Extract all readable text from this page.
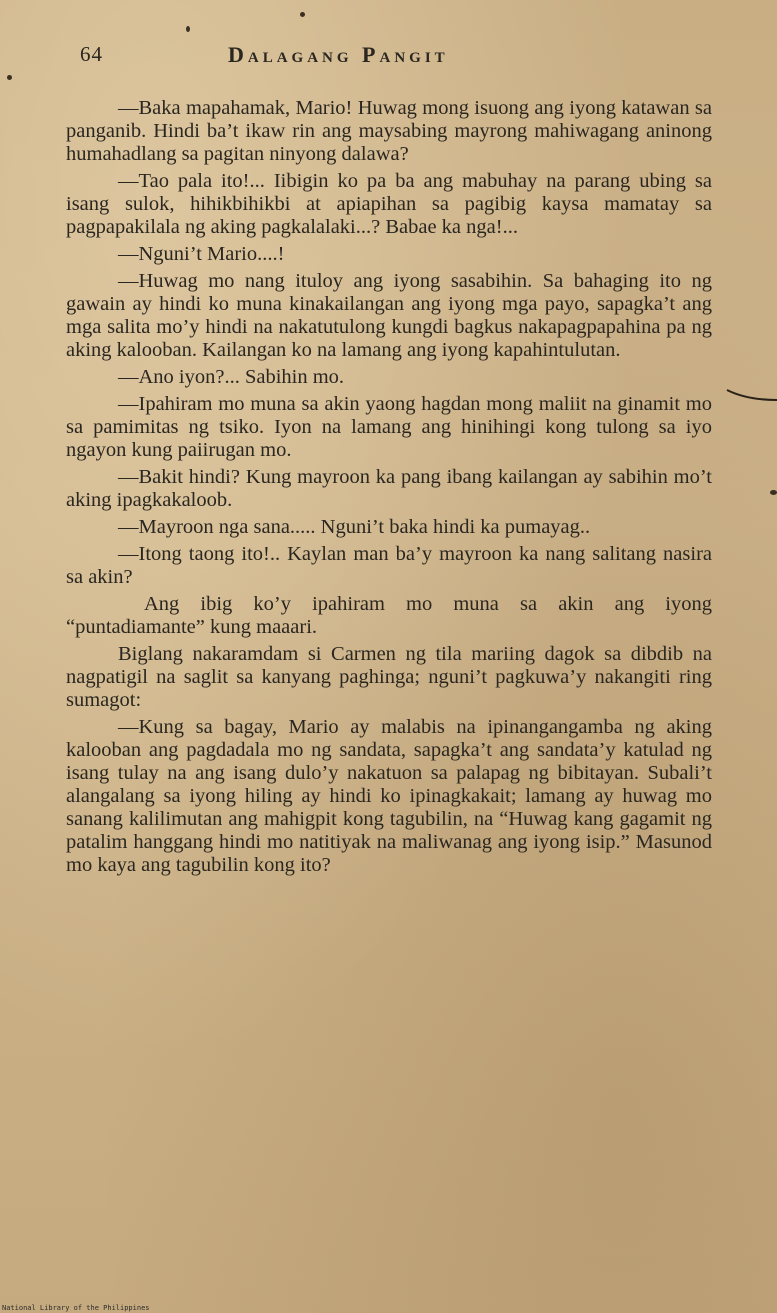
64	Dalagang Pangit

—Baka mapahamak, Mario! Huwag mong isuong ang iyong katawan sa panganib. Hindi ba’t ikaw rin ang maysabing mayrong mahiwagang aninong humahadlang sa pagitan ninyong dalawa?

—Tao pala ito!... Iibigin ko pa ba ang mabuhay na parang ubing sa isang sulok, hihikbihikbi at apiapihan sa pagibig kaysa mamatay sa pagpapakilala ng aking pagkalalaki...? Babae ka nga!...

—Nguni’t Mario....!

—Huwag mo nang ituloy ang iyong sasabihin. Sa bahaging ito ng gawain ay hindi ko muna kinakailangan ang iyong mga payo, sapagka’t ang mga salita mo’y hindi na nakatutulong kungdi bagkus nakapagpapahina pa ng aking kalooban. Kailangan ko na lamang ang iyong kapahintulutan.

—Ano iyon?... Sabihin mo.

—Ipahiram mo muna sa akin yaong hagdan mong maliit na ginamit mo sa pamimitas ng tsiko. Iyon na lamang ang hinihingi kong tulong sa iyo ngayon kung paiirugan mo.

—Bakit hindi? Kung mayroon ka pang ibang kailangan ay sabihin mo’t aking ipagkakaloob.

—Mayroon nga sana..... Nguni’t baka hindi ka pumayag..

—Itong taong ito!.. Kaylan man ba’y mayroon ka nang salitang nasira sa akin?

Ang ibig ko’y ipahiram mo muna sa akin ang iyong “puntadiamante” kung maaari.

Biglang nakaramdam si Carmen ng tila mariing dagok sa dibdib na nagpatigil na saglit sa kanyang paghinga; nguni’t pagkuwa’y nakangiti ring sumagot:

—Kung sa bagay, Mario ay malabis na ipinangangamba ng aking kalooban ang pagdadala mo ng sandata, sapagka’t ang sandata’y katulad ng isang tulay na ang isang dulo’y nakatuon sa palapag ng bibitayan. Subali’t alangalang sa iyong hiling ay hindi ko ipinagkakait; lamang ay huwag mo sanang kalilimutan ang mahigpit kong tagubilin, na “Huwag kang gagamit ng patalim hanggang hindi mo natitiyak na maliwanag ang iyong isip.” Masunod mo kaya ang tagubilin kong ito?

National Library of the Philippines
